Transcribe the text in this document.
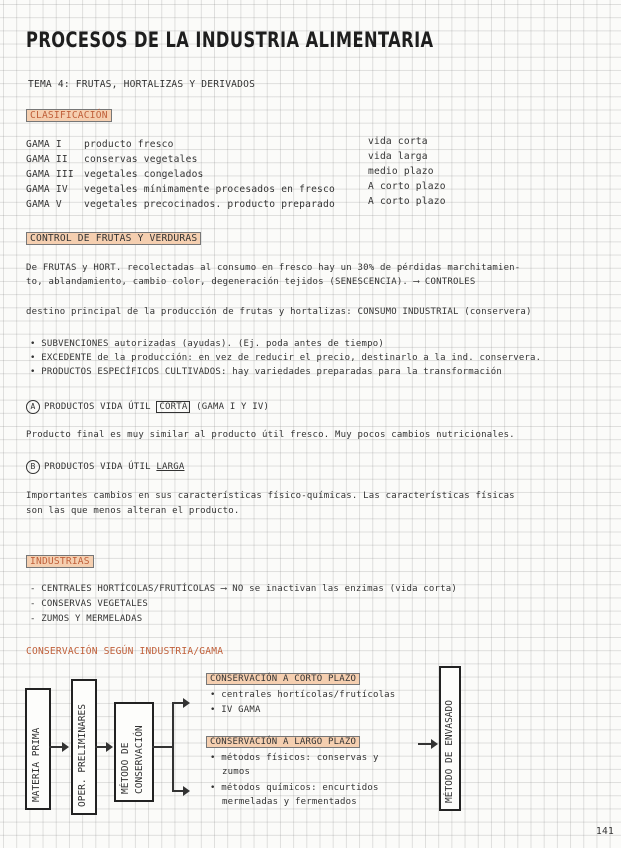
PROCESOS DE LA INDUSTRIA ALIMENTARIA
TEMA 4: FRUTAS, HORTALIZAS Y DERIVADOS
CLASIFICACIÓN
GAMA I producto fresco	vida corta
GAMA II conservas vegetales	vida larga
GAMA III vegetales congelados	medio plazo
GAMA IV vegetales mínimamente procesados en fresco	A corto plazo
GAMA V vegetales precocinados. producto preparado	A corto plazo
CONTROL DE FRUTAS Y VERDURAS
De FRUTAS y HORT. recolectadas al consumo en fresco hay un 30% de pérdidas marchitamien-
to, ablandamiento, cambio color, degeneración tejidos (SENESCENCIA). ⟶ CONTROLES
destino principal de la producción de frutas y hortalizas: CONSUMO INDUSTRIAL (conservera)
• SUBVENCIONES autorizadas (ayudas). (Ej. poda antes de tiempo)
• EXCEDENTE de la producción: en vez de reducir el precio, destinarlo a la ind. conservera.
• PRODUCTOS ESPECÍFICOS CULTIVADOS: hay variedades preparadas para la transformación
A PRODUCTOS VIDA ÚTIL CORTA (GAMA I Y IV)
Producto final es muy similar al producto útil fresco. Muy pocos cambios nutricionales.
B PRODUCTOS VIDA ÚTIL LARGA
Importantes cambios en sus características físico-químicas. Las características físicas
son las que menos alteran el producto.
INDUSTRIAS
- CENTRALES HORTÍCOLAS/FRUTÍCOLAS ⟶ NO se inactivan las enzimas (vida corta)
- CONSERVAS VEGETALES
- ZUMOS Y MERMELADAS
CONSERVACIÓN SEGÚN INDUSTRIA/GAMA
MATERIA PRIMA	OPER. PRELIMINARES	MÉTODO DE CONSERVACIÓN
CONSERVACIÓN A CORTO PLAZO
• centrales hortícolas/frutícolas
• IV GAMA
CONSERVACIÓN A LARGO PLAZO
• métodos físicos: conservas y
zumos
• métodos químicos: encurtidos
mermeladas y fermentados	MÉTODO DE ENVASADO
141
